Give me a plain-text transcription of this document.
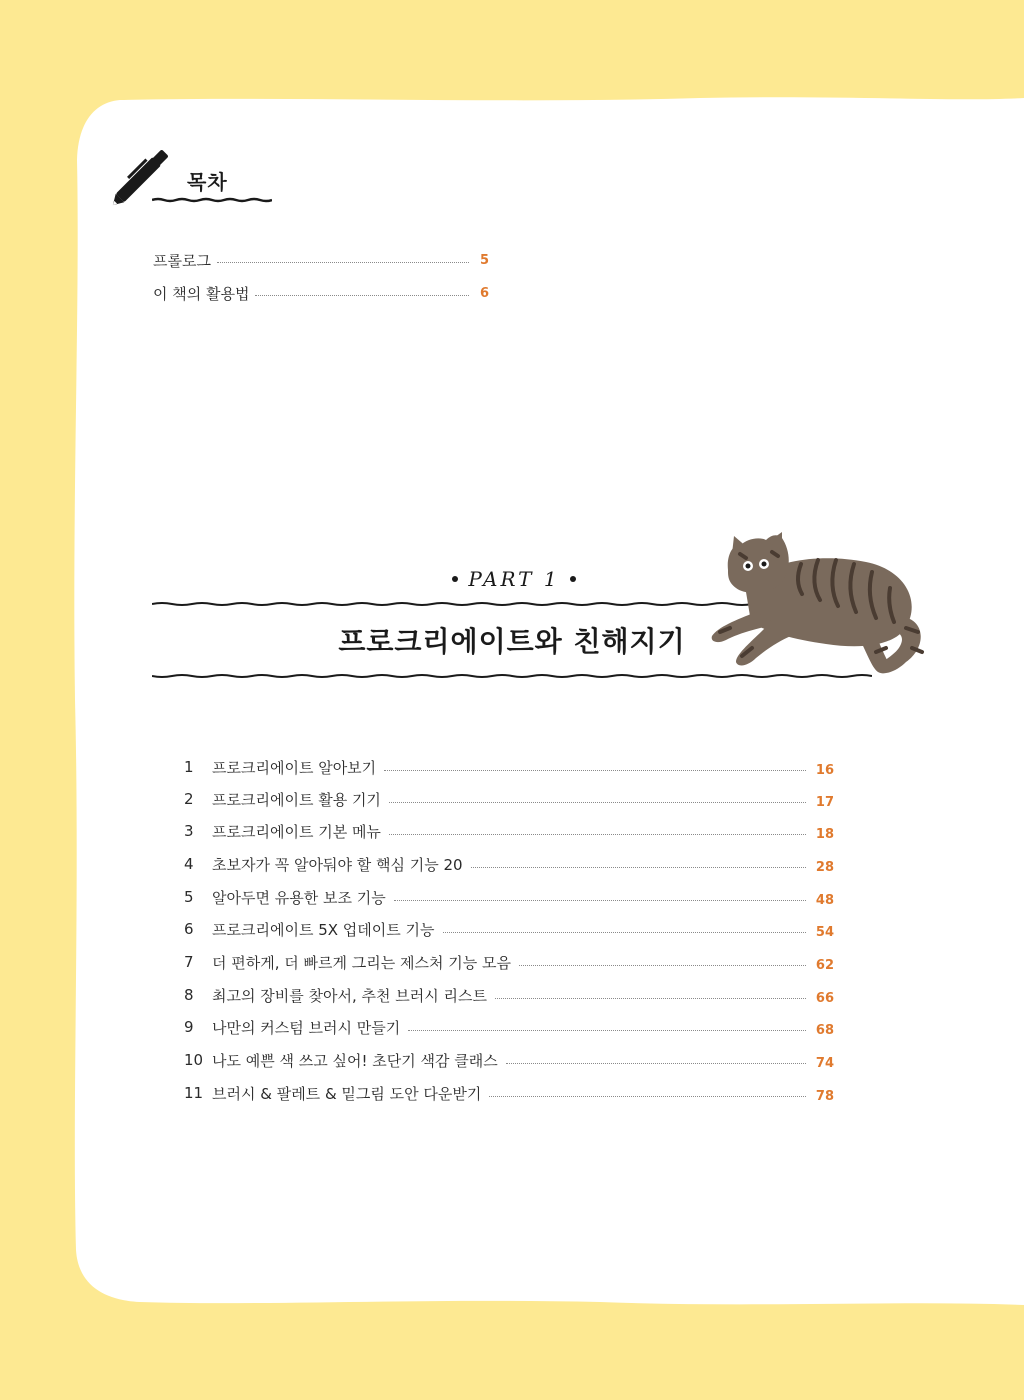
목차
프롤로그	5
이 책의 활용법	6
PART 1
프로크리에이트와 친해지기
1	프로크리에이트 알아보기	16
2	프로크리에이트 활용 기기	17
3	프로크리에이트 기본 메뉴	18
4	초보자가 꼭 알아둬야 할 핵심 기능 20	28
5	알아두면 유용한 보조 기능	48
6	프로크리에이트 5X 업데이트 기능	54
7	더 편하게, 더 빠르게 그리는 제스처 기능 모음	62
8	최고의 장비를 찾아서, 추천 브러시 리스트	66
9	나만의 커스텀 브러시 만들기	68
10 나도 예쁜 색 쓰고 싶어! 초단기 색감 클래스	74
11 브러시 & 팔레트 & 밑그림 도안 다운받기	78
